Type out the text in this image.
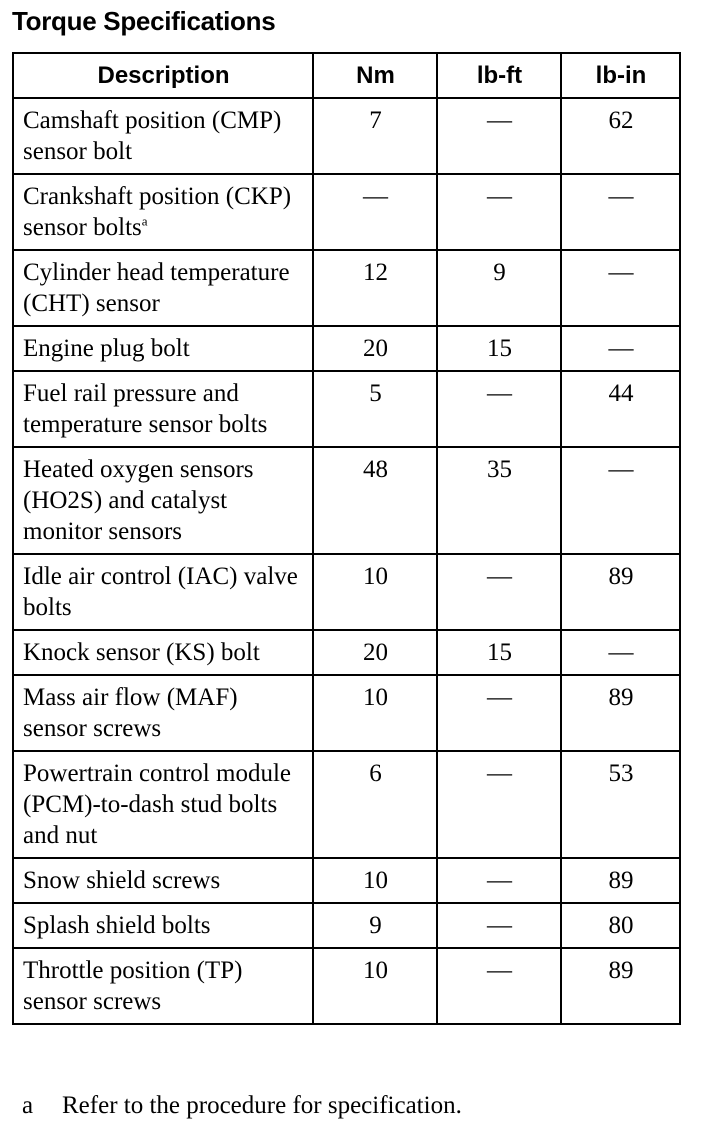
Torque Specifications
Description	Nm	lb-ft	lb-in
Camshaft position (CMP) sensor bolt	7	—	62
Crankshaft position (CKP) sensor bolts$^a$	—	—	—
Cylinder head temperature (CHT) sensor	12	9	—
Engine plug bolt	20	15	—
Fuel rail pressure and temperature sensor bolts	5	—	44
Heated oxygen sensors (HO2S) and catalyst monitor sensors	48	35	—
Idle air control (IAC) valve bolts	10	—	89
Knock sensor (KS) bolt	20	15	—
Mass air flow (MAF) sensor screws	10	—	89
Powertrain control module (PCM)-to-dash stud bolts and nut	6	—	53
Snow shield screws	10	—	89
Splash shield bolts	9	—	80
Throttle position (TP) sensor screws	10	—	89

a Refer to the procedure for specification.
